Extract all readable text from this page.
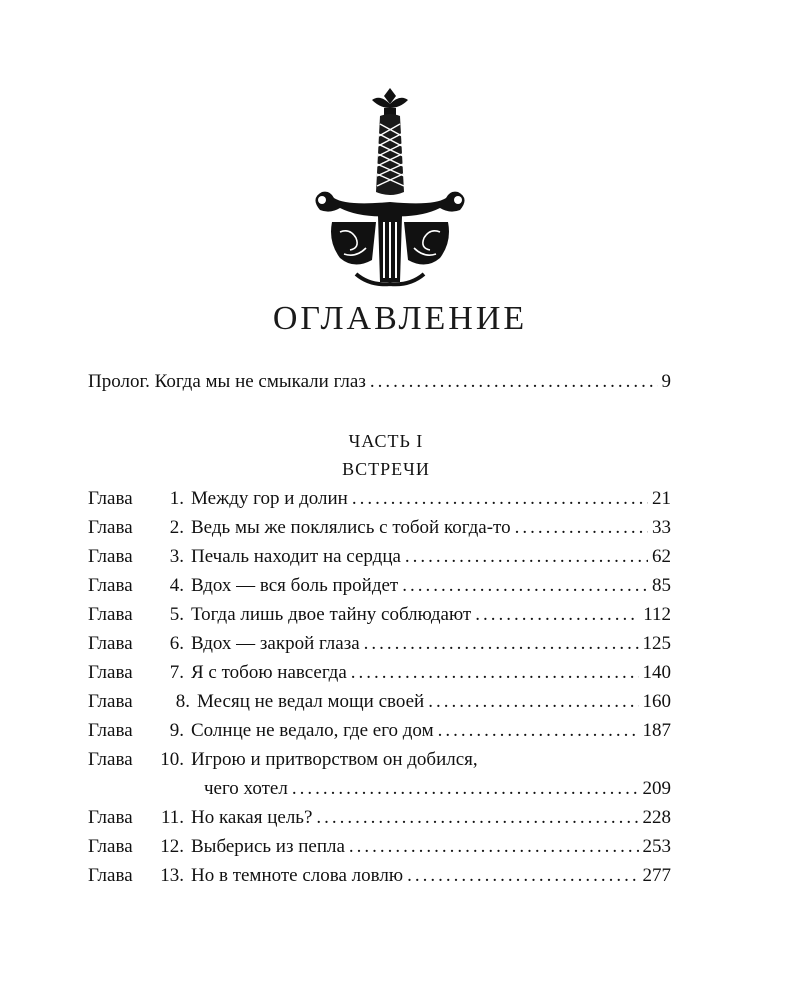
ОГЛАВЛЕНИЕ
Пролог. Когда мы не смыкали глаз .....	9
ЧАСТЬ I
ВСТРЕЧИ
Глава	1. Между гор и долин .....	21
Глава	2. Ведь мы же поклялись с тобой когда-то .....	33
Глава	3. Печаль находит на сердца .....	62
Глава	4. Вдох — вся боль пройдет .....	85
Глава	5. Тогда лишь двое тайну соблюдают .....	112
Глава	6. Вдох — закрой глаза .....	125
Глава	7. Я с тобою навсегда .....	140
Глава	8. Месяц не ведал мощи своей .....	160
Глава	9. Солнце не ведало, где его дом .....	187
Глава	10. Игрою и притворством он добился,
чего хотел .....	209
Глава	11. Но какая цель? .....	228
Глава	12. Выберись из пепла .....	253
Глава	13. Но в темноте слова ловлю .....	277
